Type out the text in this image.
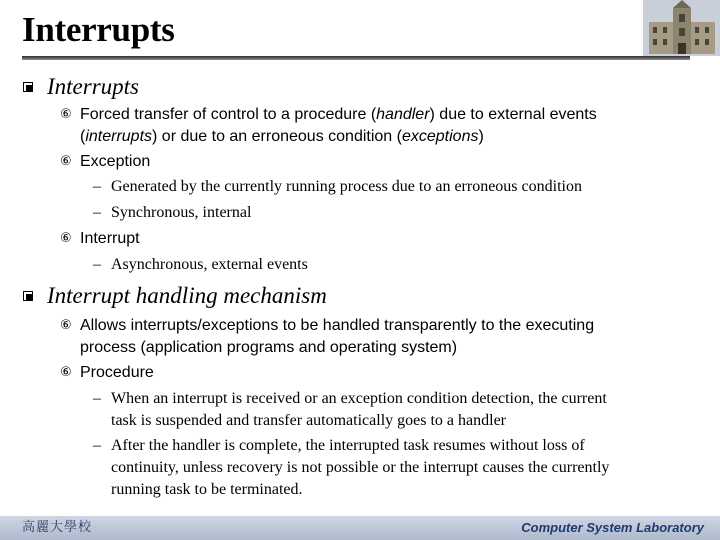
Interrupts
Interrupts
⑥ Forced transfer of control to a procedure (handler) due to external events
(interrupts) or due to an erroneous condition (exceptions)
⑥ Exception
– Generated by the currently running process due to an erroneous condition
– Synchronous, internal
⑥ Interrupt
– Asynchronous, external events
Interrupt handling mechanism
⑥ Allows interrupts/exceptions to be handled transparently to the executing
process (application programs and operating system)
⑥ Procedure
– When an interrupt is received or an exception condition detection, the current
task is suspended and transfer automatically goes to a handler
– After the handler is complete, the interrupted task resumes without loss of
continuity, unless recovery is not possible or the interrupt causes the currently
running task to be terminated.
高麗大學校	Computer System Laboratory
